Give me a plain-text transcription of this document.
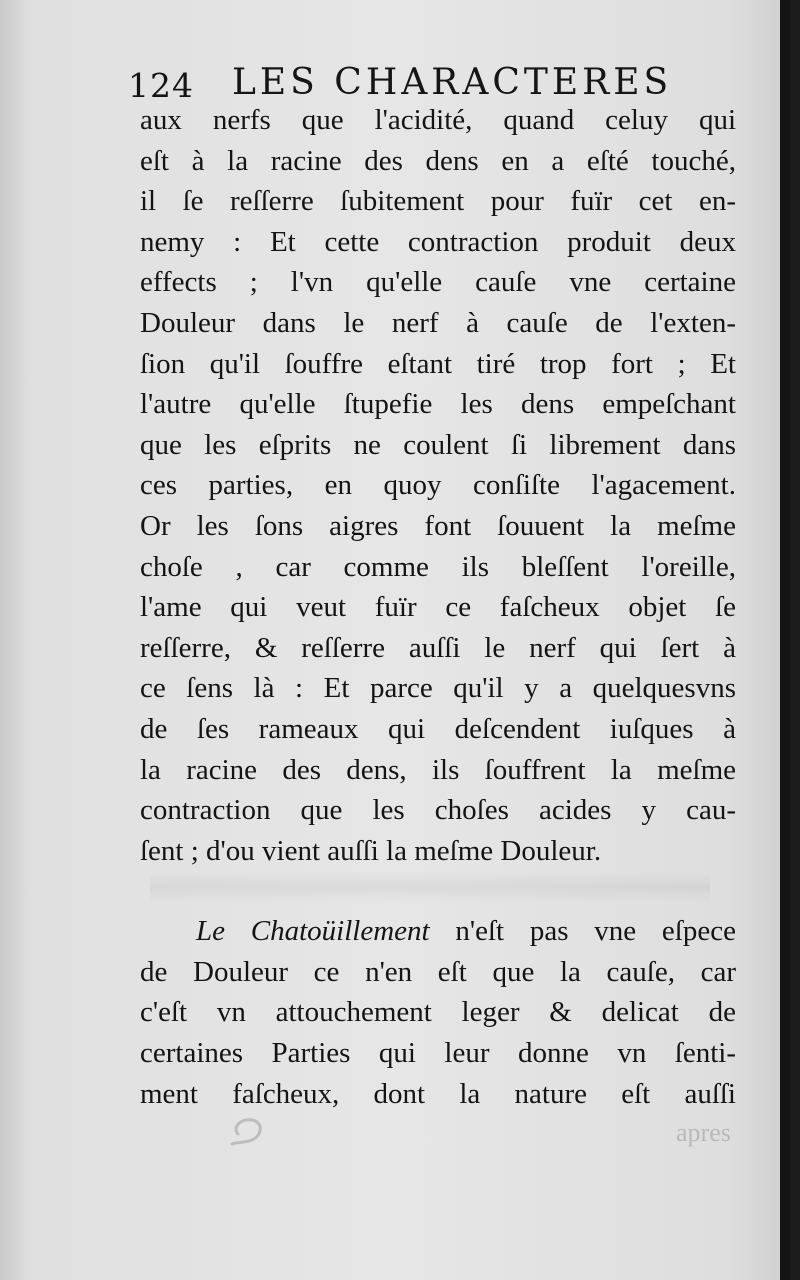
124 LES CHARACTERES
aux nerfs que l'acidité, quand celuy qui
eſt à la racine des dens en a eſté touché,
il ſe reſſerre ſubitement pour fuïr cet en-
nemy : Et cette contraction produit deux
effects ; l'vn qu'elle cauſe vne certaine
Douleur dans le nerf à cauſe de l'exten-
ſion qu'il ſouffre eſtant tiré trop fort ; Et
l'autre qu'elle ſtupefie les dens empeſchant
que les eſprits ne coulent ſi librement dans
ces parties, en quoy conſiſte l'agacement.
Or les ſons aigres font ſouuent la meſme
choſe , car comme ils bleſſent l'oreille,
l'ame qui veut fuïr ce faſcheux objet ſe
reſſerre, & reſſerre auſſi le nerf qui ſert à
ce ſens là : Et parce qu'il y a quelquesvns
de ſes rameaux qui deſcendent iuſques à
la racine des dens, ils ſouffrent la meſme
contraction que les choſes acides y cau-
ſent ; d'ou vient auſſi la meſme Douleur.
Le Chatoüillement n'eſt pas vne eſpece
de Douleur ce n'en eſt que la cauſe, car
c'eſt vn attouchement leger & delicat de
certaines Parties qui leur donne vn ſenti-
ment faſcheux, dont la nature eſt auſſi
apres
